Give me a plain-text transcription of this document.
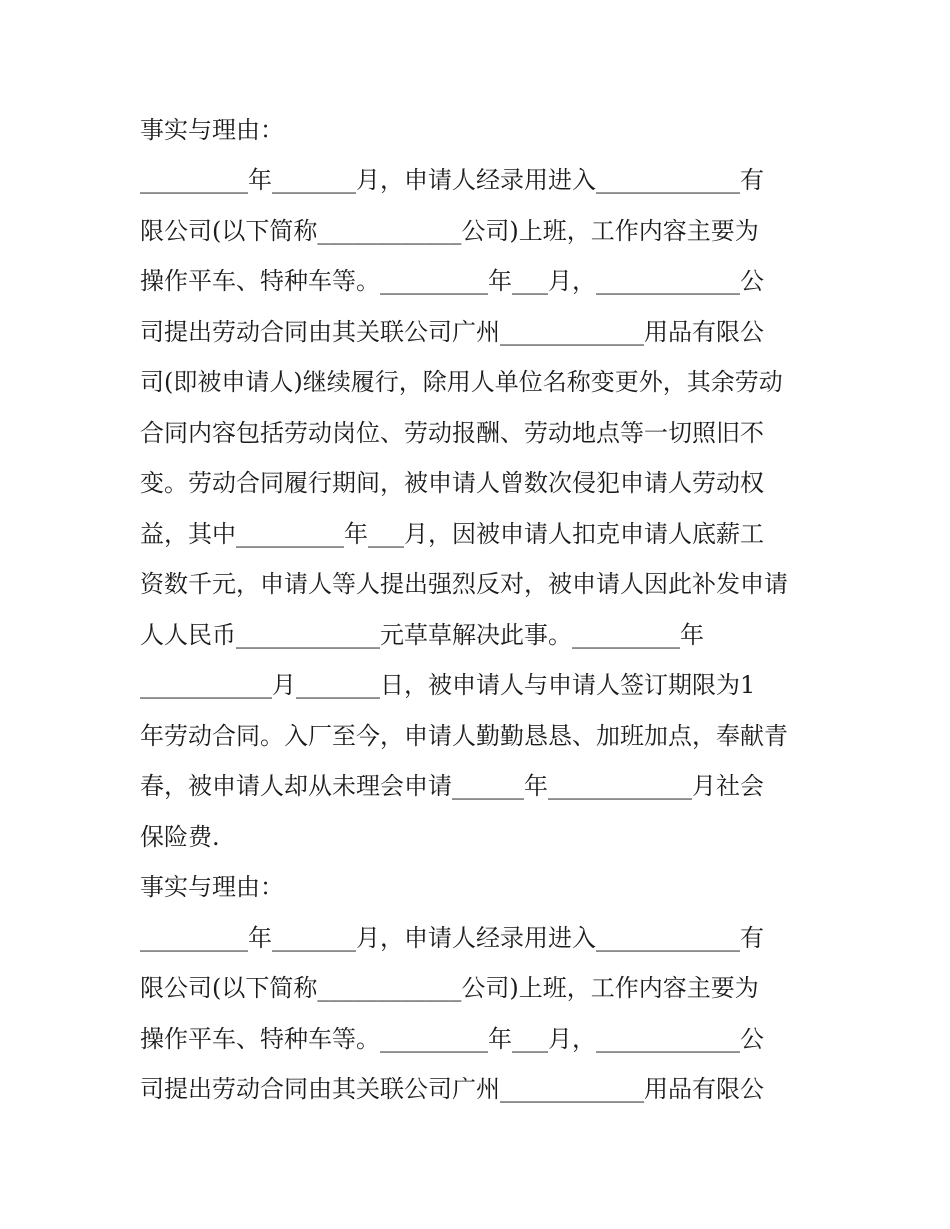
事实与理由：
_________年_______月，申请人经录用进入____________有
限公司(以下简称____________公司)上班，工作内容主要为
操作平车、特种车等。_________年___月，____________公
司提出劳动合同由其关联公司广州____________用品有限公
司(即被申请人)继续履行，除用人单位名称变更外，其余劳动
合同内容包括劳动岗位、劳动报酬、劳动地点等一切照旧不
变。劳动合同履行期间，被申请人曾数次侵犯申请人劳动权
益，其中_________年___月，因被申请人扣克申请人底薪工
资数千元，申请人等人提出强烈反对，被申请人因此补发申请
人人民币____________元草草解决此事。_________年
___________月_______日，被申请人与申请人签订期限为1
年劳动合同。入厂至今，申请人勤勤恳恳、加班加点，奉献青
春，被申请人却从未理会申请______年____________月社会
保险费.
事实与理由：
_________年_______月，申请人经录用进入____________有
限公司(以下简称____________公司)上班，工作内容主要为
操作平车、特种车等。_________年___月，____________公
司提出劳动合同由其关联公司广州____________用品有限公
